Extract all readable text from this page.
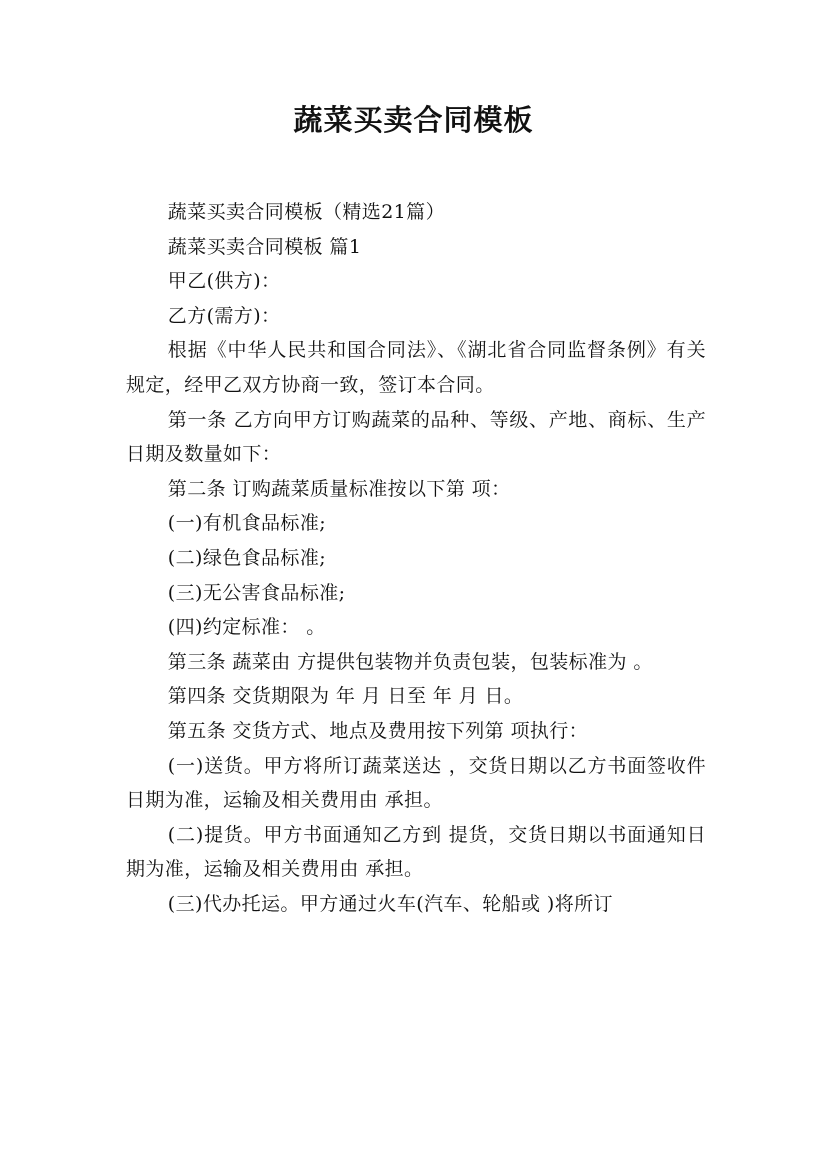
蔬菜买卖合同模板

蔬菜买卖合同模板（精选21篇）

蔬菜买卖合同模板 篇1

甲乙(供方)：

乙方(需方)：

根据《中华人民共和国合同法》、《湖北省合同监督条例》有关规定，经甲乙双方协商一致，签订本合同。

第一条 乙方向甲方订购蔬菜的品种、等级、产地、商标、生产日期及数量如下：

第二条 订购蔬菜质量标准按以下第 项：

(一)有机食品标准;

(二)绿色食品标准;

(三)无公害食品标准;

(四)约定标准： 。

第三条 蔬菜由 方提供包装物并负责包装，包装标准为 。

第四条 交货期限为 年 月 日至 年 月 日。

第五条 交货方式、地点及费用按下列第 项执行：

(一)送货。甲方将所订蔬菜送达 ，交货日期以乙方书面签收件日期为准，运输及相关费用由 承担。

(二)提货。甲方书面通知乙方到 提货，交货日期以书面通知日期为准，运输及相关费用由 承担。

(三)代办托运。甲方通过火车(汽车、轮船或 )将所订
